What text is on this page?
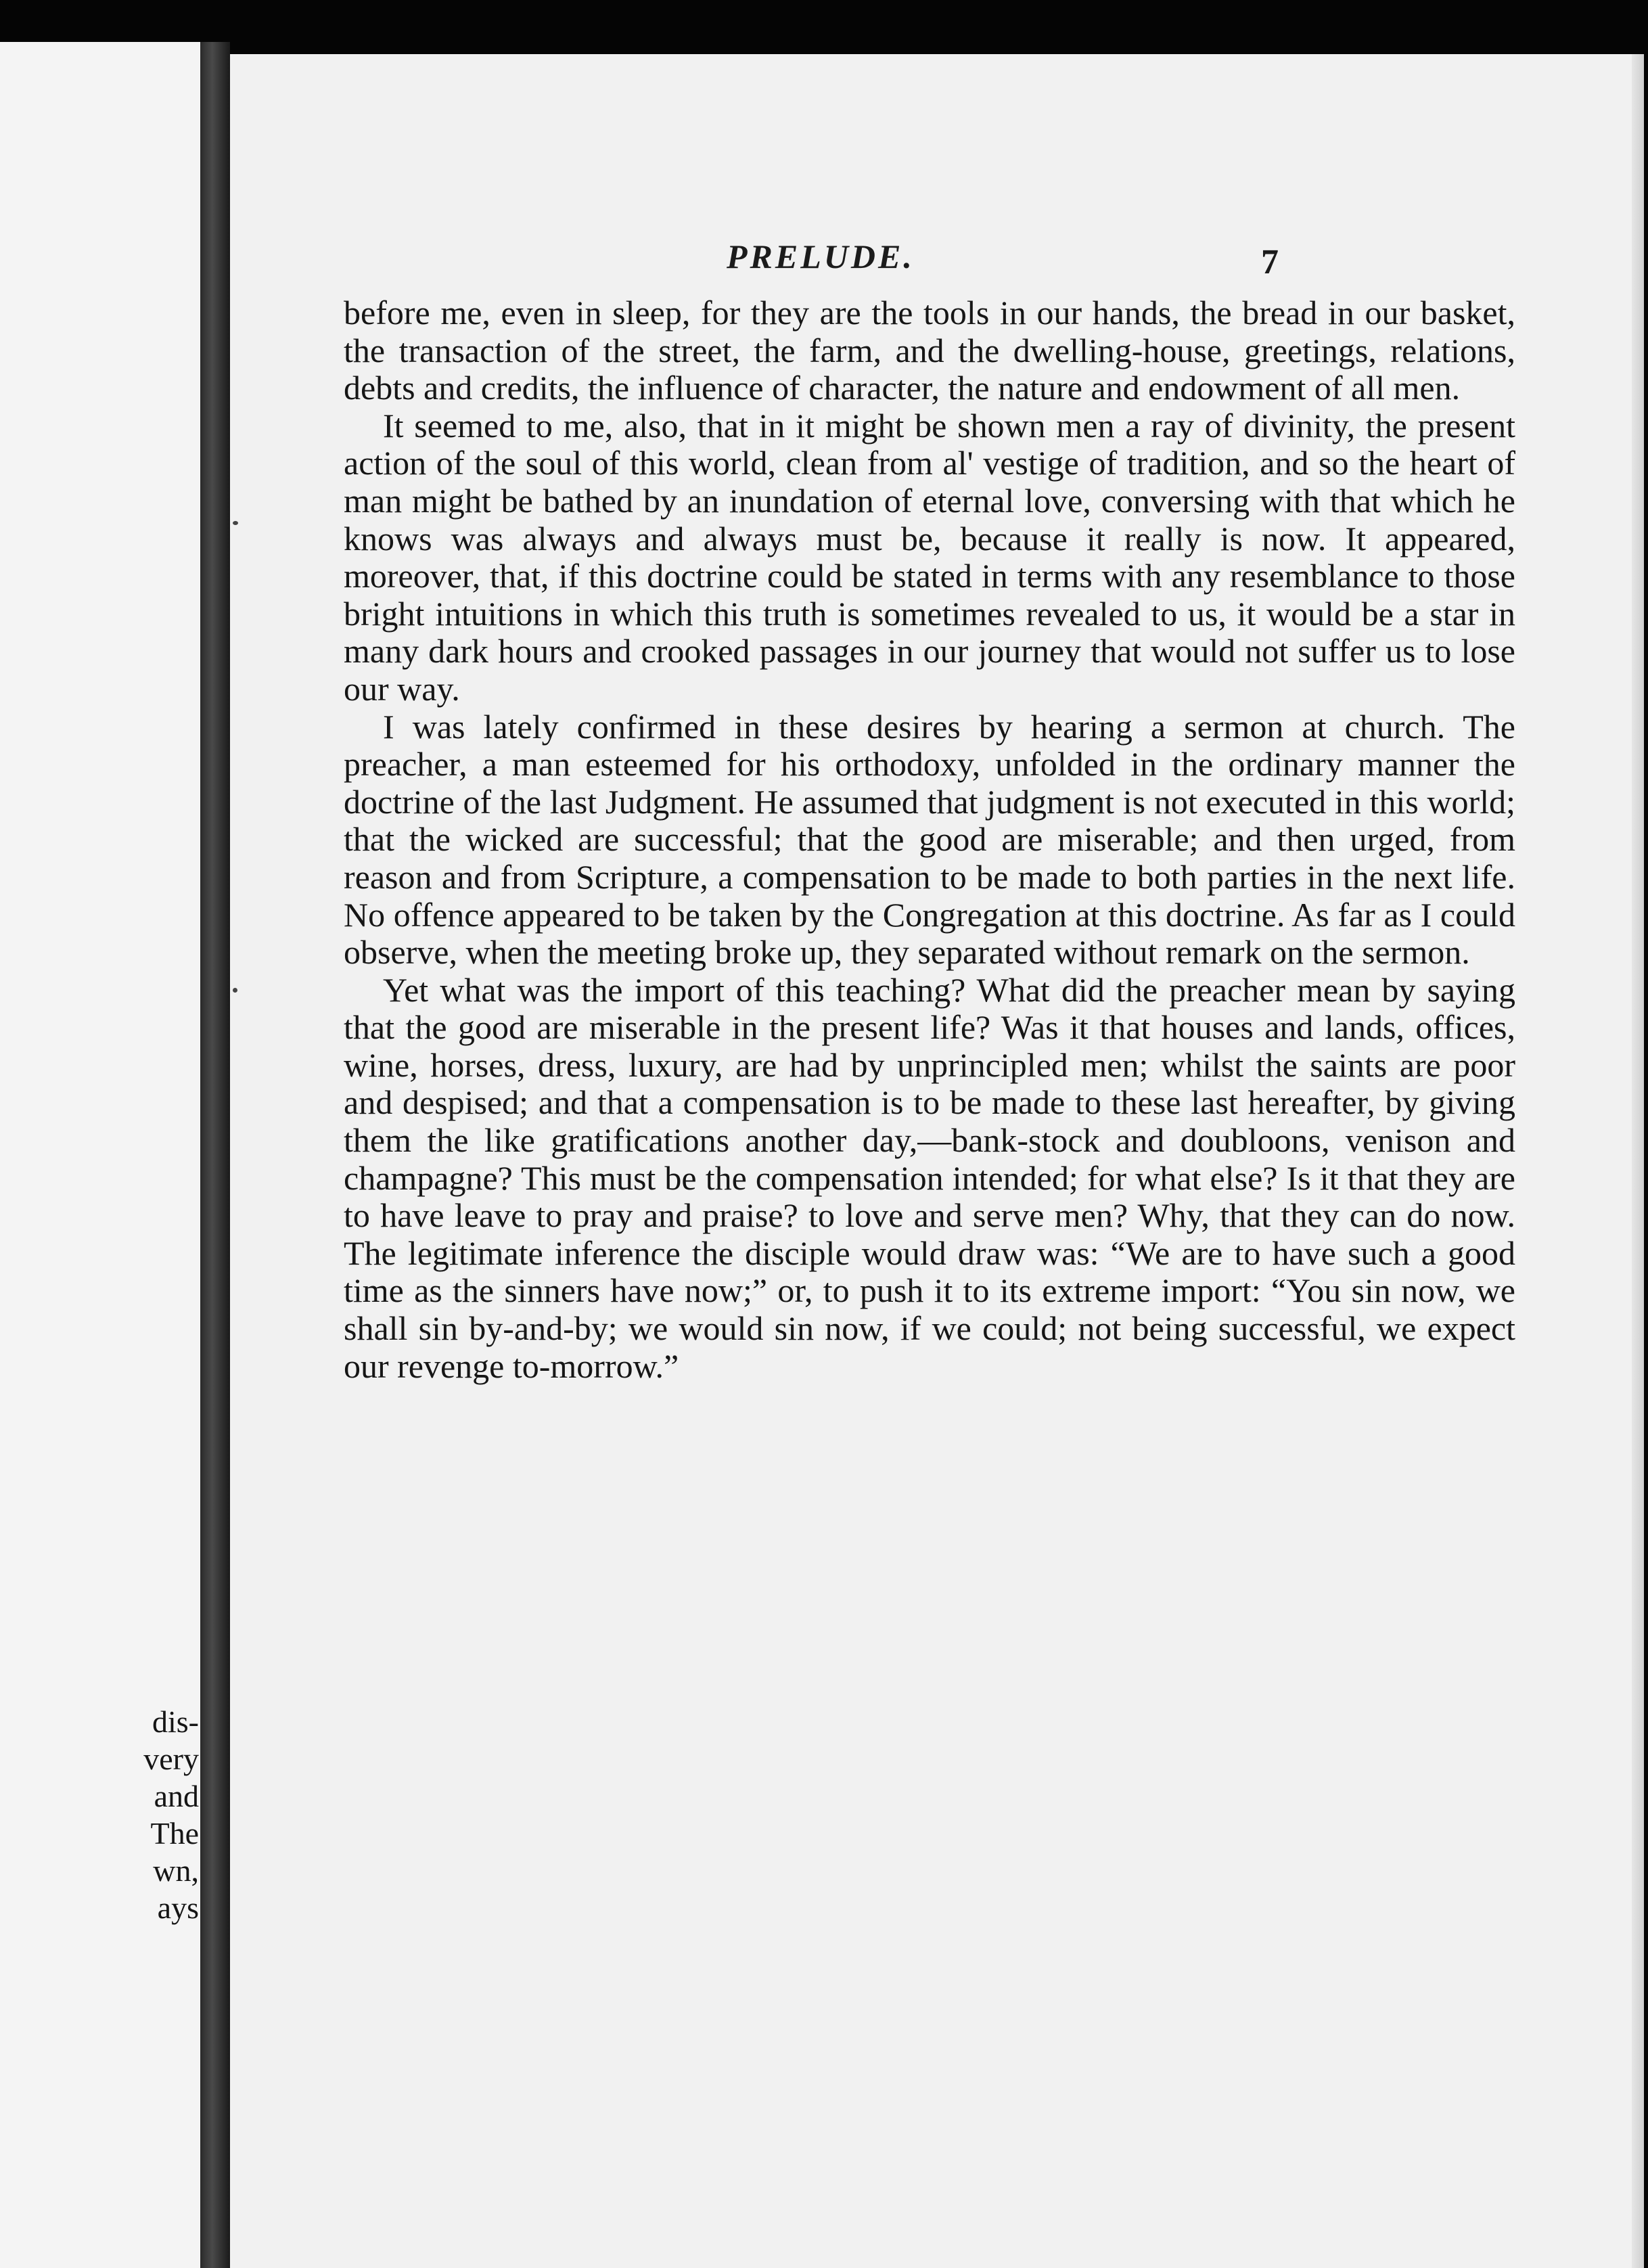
dis-
very
and
The
wn,
ays
PRELUDE.	7

before me, even in sleep, for they are the tools in our hands, the bread in our basket, the transaction of the street, the farm, and the dwelling-house, greetings, relations, debts and credits, the influence of character, the nature and endowment of all men.

It seemed to me, also, that in it might be shown men a ray of divinity, the present action of the soul of this world, clean from al' vestige of tradition, and so the heart of man might be bathed by an inundation of eternal love, conversing with that which he knows was always and always must be, because it really is now. It appeared, moreover, that, if this doctrine could be stated in terms with any resemblance to those bright intuitions in which this truth is sometimes revealed to us, it would be a star in many dark hours and crooked passages in our journey that would not suffer us to lose our way.

I was lately confirmed in these desires by hearing a sermon at church. The preacher, a man esteemed for his orthodoxy, unfolded in the ordinary manner the doctrine of the last Judgment. He assumed that judgment is not executed in this world; that the wicked are successful; that the good are miserable; and then urged, from reason and from Scripture, a compensation to be made to both parties in the next life. No offence appeared to be taken by the Congregation at this doctrine. As far as I could observe, when the meeting broke up, they separated without remark on the sermon.

Yet what was the import of this teaching? What did the preacher mean by saying that the good are miserable in the present life? Was it that houses and lands, offices, wine, horses, dress, luxury, are had by unprincipled men; whilst the saints are poor and despised; and that a compensation is to be made to these last hereafter, by giving them the like gratifications another day,—bank-stock and doubloons, venison and champagne? This must be the compensation intended; for what else? Is it that they are to have leave to pray and praise? to love and serve men? Why, that they can do now. The legitimate inference the disciple would draw was: “We are to have such a good time as the sinners have now;” or, to push it to its extreme import: “You sin now, we shall sin by-and-by; we would sin now, if we could; not being successful, we expect our revenge to-morrow.”
